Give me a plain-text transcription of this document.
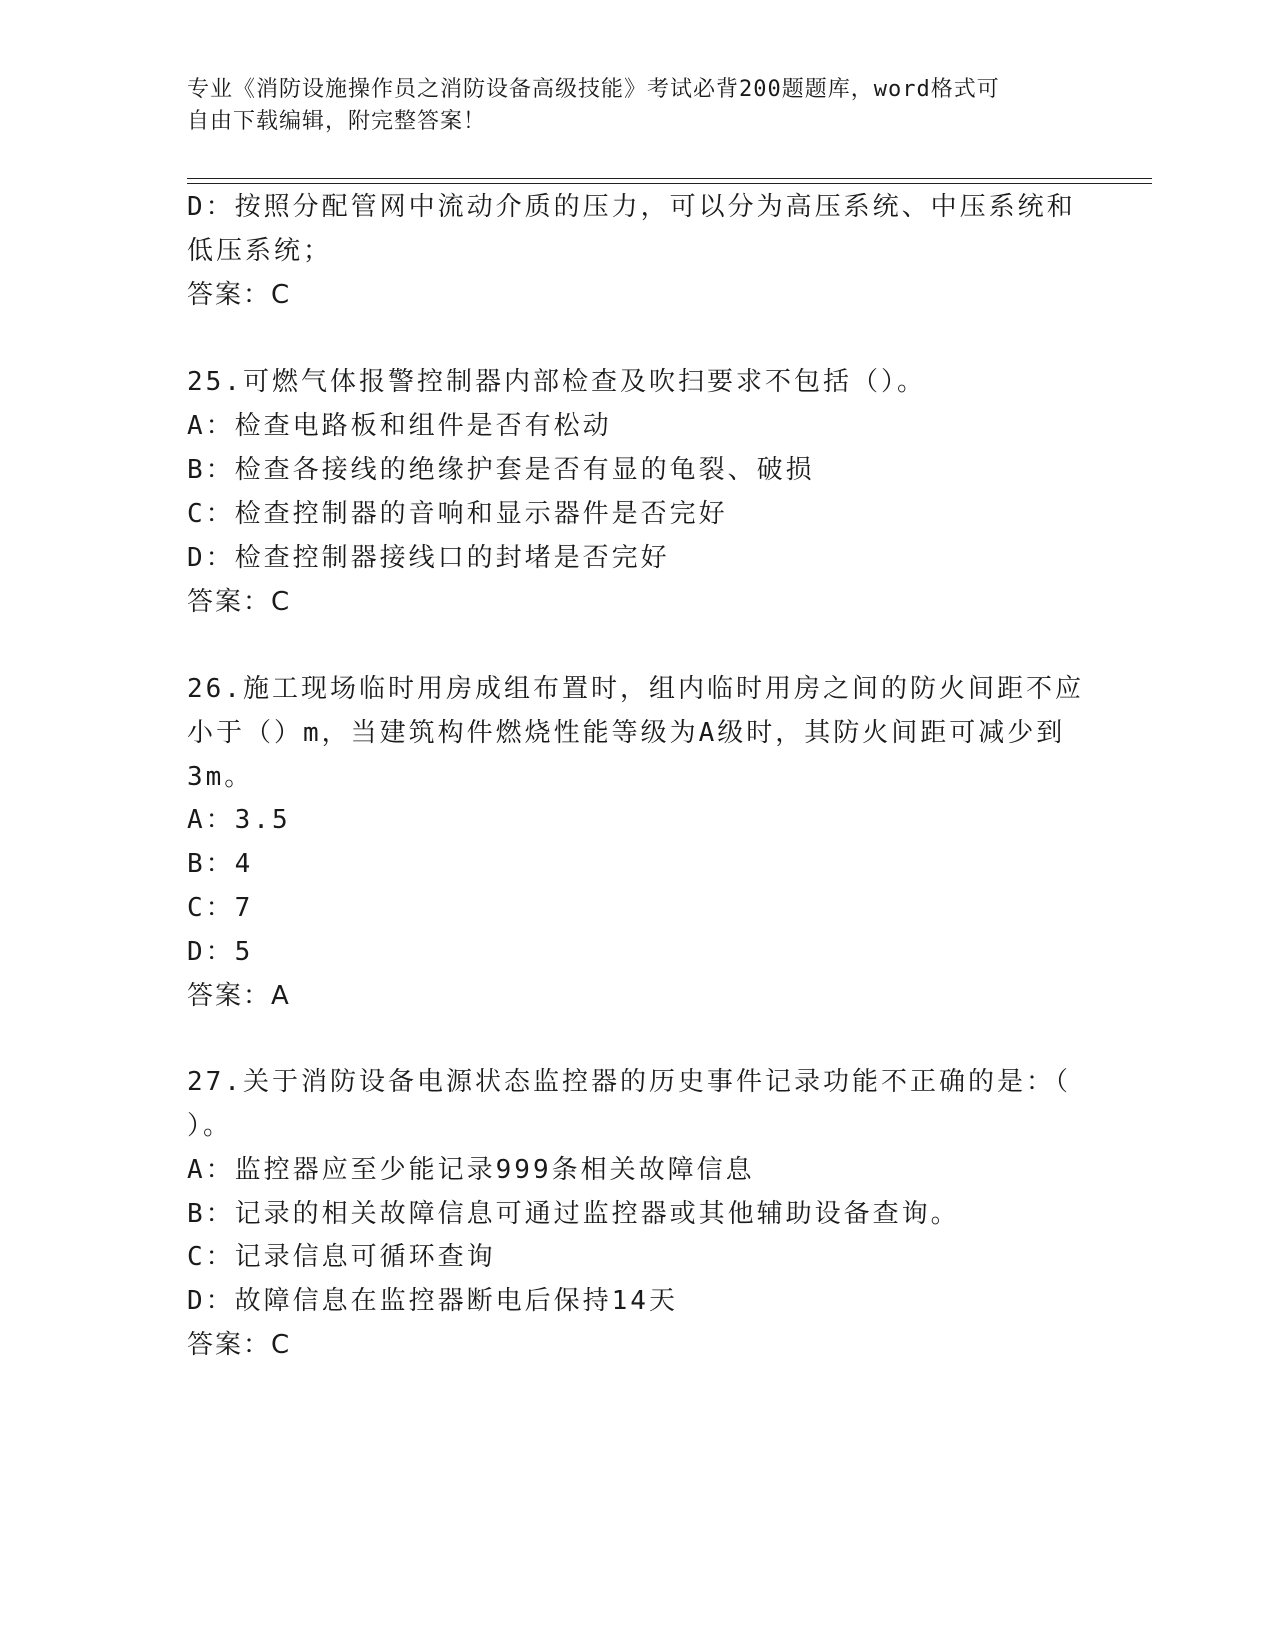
专业《消防设施操作员之消防设备高级技能》考试必背200题题库，word格式可
自由下载编辑，附完整答案！
D：按照分配管网中流动介质的压力，可以分为高压系统、中压系统和
低压系统；
答案：C
25.可燃气体报警控制器内部检查及吹扫要求不包括（）。
A：检查电路板和组件是否有松动
B：检查各接线的绝缘护套是否有显的龟裂、破损
C：检查控制器的音响和显示器件是否完好
D：检查控制器接线口的封堵是否完好
答案：C
26.施工现场临时用房成组布置时，组内临时用房之间的防火间距不应
小于（）m，当建筑构件燃烧性能等级为A级时，其防火间距可减少到
3m。
A：3.5
B：4
C：7
D：5
答案：A
27.关于消防设备电源状态监控器的历史事件记录功能不正确的是：（
）。
A：监控器应至少能记录999条相关故障信息
B：记录的相关故障信息可通过监控器或其他辅助设备查询。
C：记录信息可循环查询
D：故障信息在监控器断电后保持14天
答案：C
